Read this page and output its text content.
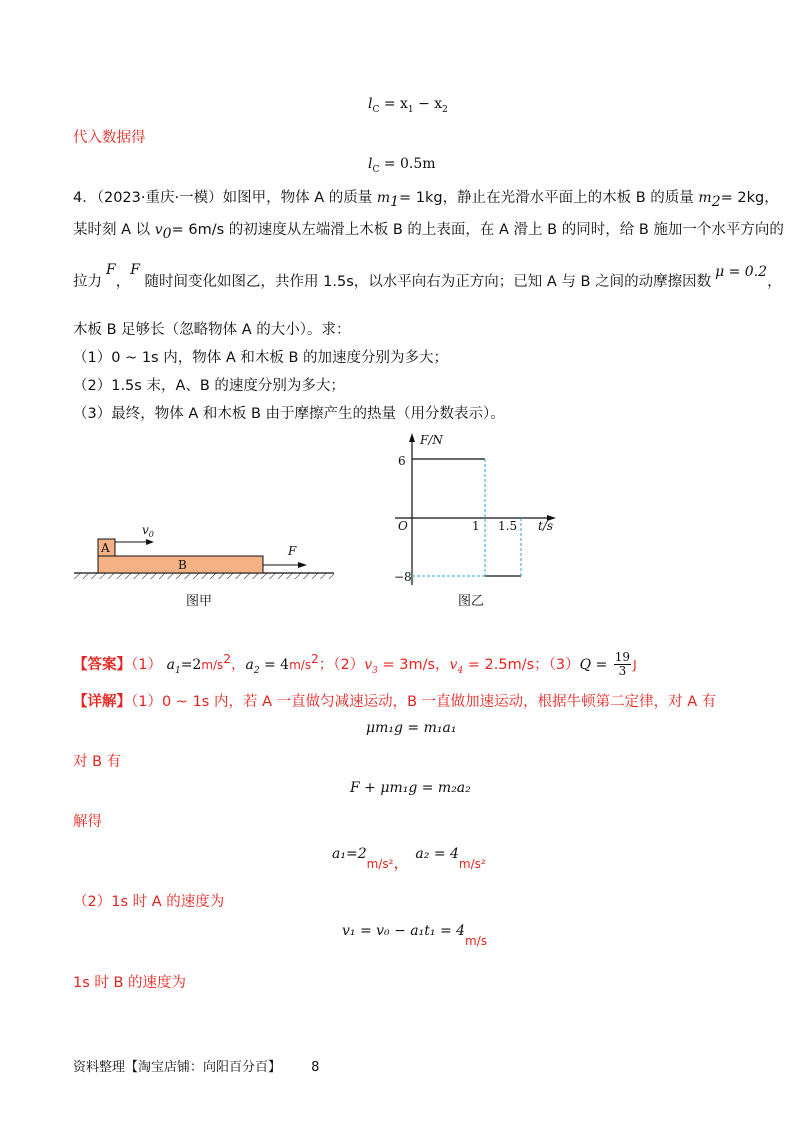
$l_C = x_1 - x_2$
代入数据得
$l_C = 0.5m$
4．（2023·重庆·一模）如图甲，物体 A 的质量 $m_1= 1kg$，静止在光滑水平面上的木板 B 的质量 $m_2= 2kg$，
某时刻 A 以 $v_0= 6m/s$ 的初速度从左端滑上木板 B 的上表面，在 A 滑上 B 的同时，给 B 施加一个水平方向的
拉力F，F 随时间变化如图乙，共作用 1.5s，以水平向右为正方向；已知 A 与 B 之间的动摩擦因数μ = 0.2，
木板 B 足够长（忽略物体 A 的大小）。求：
（1）0 ~ 1s 内，物体 A 和木板 B 的加速度分别为多大；
（2）1.5s 末，A、B 的速度分别为多大；
（3）最终，物体 A 和木板 B 由于摩擦产生的热量（用分数表示）。
B
A
$v_0$
F
图甲
F/N
t/s
O
6
−8
1 1.5
图乙
【答案】（1） $a_1=2m/s^2$，$a_2 = 4m/s^2$；$(2)v_3 = 3m/s$，$v_4 = 2.5m/s$；$(3)Q = \frac{19}{3}$ J
【详解】（1）0 ~ 1s 内，若 A 一直做匀减速运动，B 一直做加速运动，根据牛顿第二定律，对 A 有
μm₁g = m₁a₁
对 B 有
F + μm₁g = m₂a₂
解得
$a_1=2_{m/s^2}$， $a_2 = 4_{m/s^2}$
（2）1s 时 A 的速度为
$v_1 = v_0 - a_1t_1 = 4_{m/s}$
1s 时 B 的速度为
资料整理【淘宝店铺：向阳百分百】 8
